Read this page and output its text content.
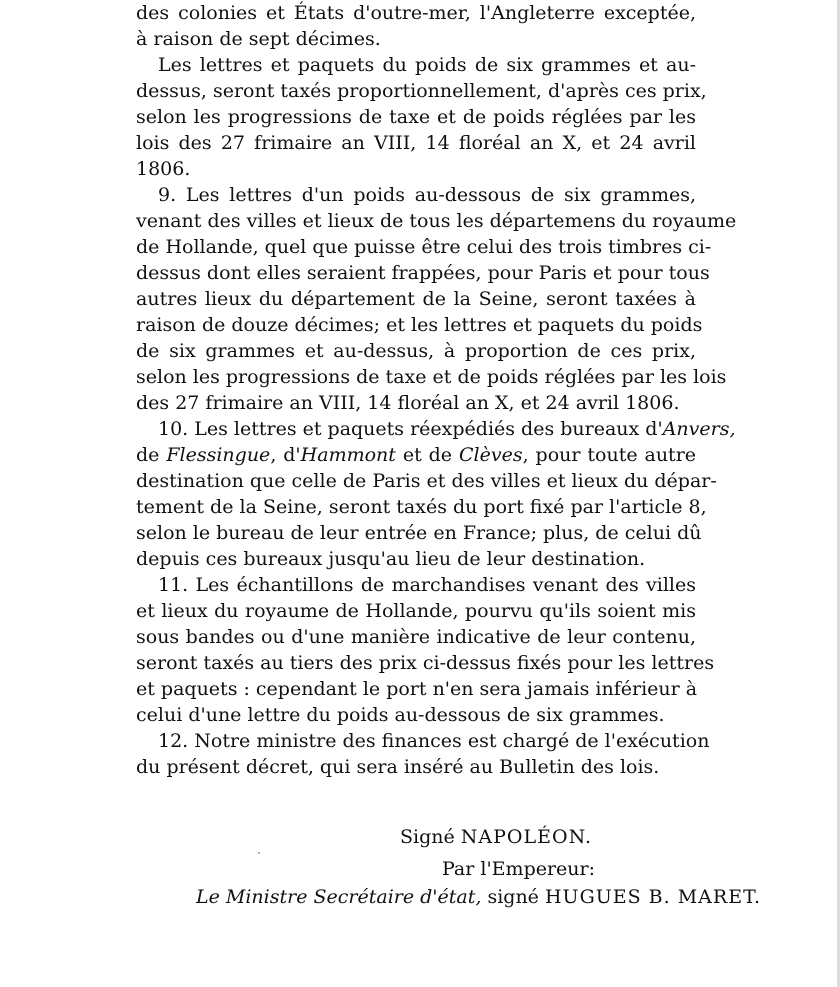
des colonies et États d'outre-mer, l'Angleterre exceptée,
à raison de sept décimes.
Les lettres et paquets du poids de six grammes et au-
dessus, seront taxés proportionnellement, d'après ces prix,
selon les progressions de taxe et de poids réglées par les
lois des 27 frimaire an VIII, 14 floréal an X, et 24 avril
1806.
9. Les lettres d'un poids au-dessous de six grammes,
venant des villes et lieux de tous les départemens du royaume
de Hollande, quel que puisse être celui des trois timbres ci-
dessus dont elles seraient frappées, pour Paris et pour tous
autres lieux du département de la Seine, seront taxées à
raison de douze décimes; et les lettres et paquets du poids
de six grammes et au-dessus, à proportion de ces prix,
selon les progressions de taxe et de poids réglées par les lois
des 27 frimaire an VIII, 14 floréal an X, et 24 avril 1806.
10. Les lettres et paquets réexpédiés des bureaux d'Anvers,
de Flessingue, d'Hammont et de Clèves, pour toute autre
destination que celle de Paris et des villes et lieux du dépar-
tement de la Seine, seront taxés du port fixé par l'article 8,
selon le bureau de leur entrée en France; plus, de celui dû
depuis ces bureaux jusqu'au lieu de leur destination.
11. Les échantillons de marchandises venant des villes
et lieux du royaume de Hollande, pourvu qu'ils soient mis
sous bandes ou d'une manière indicative de leur contenu,
seront taxés au tiers des prix ci-dessus fixés pour les lettres
et paquets : cependant le port n'en sera jamais inférieur à
celui d'une lettre du poids au-dessous de six grammes.
12. Notre ministre des finances est chargé de l'exécution
du présent décret, qui sera inséré au Bulletin des lois.
Signé NAPOLÉON.
Par l'Empereur:
Le Ministre Secrétaire d'état, signé HUGUES B. MARET.
